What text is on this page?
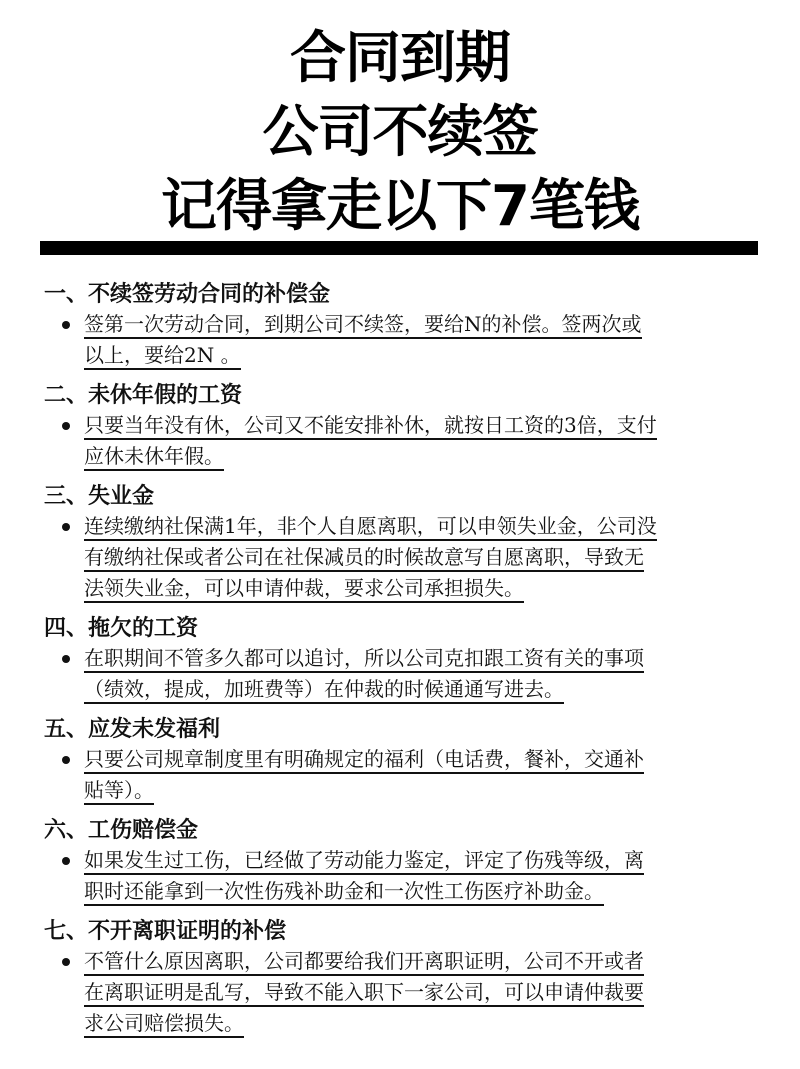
合同到期
公司不续签
记得拿走以下7笔钱
一、不续签劳动合同的补偿金
签第一次劳动合同，到期公司不续签，要给N的补偿。签两次或
以上，要给2N 。
二、未休年假的工资
只要当年没有休，公司又不能安排补休，就按日工资的3倍，支付
应休未休年假。
三、失业金
连续缴纳社保满1年，非个人自愿离职，可以申领失业金，公司没
有缴纳社保或者公司在社保减员的时候故意写自愿离职，导致无
法领失业金，可以申请仲裁，要求公司承担损失。
四、拖欠的工资
在职期间不管多久都可以追讨，所以公司克扣跟工资有关的事项
（绩效，提成，加班费等）在仲裁的时候通通写进去。
五、应发未发福利
只要公司规章制度里有明确规定的福利（电话费，餐补，交通补
贴等）。
六、工伤赔偿金
如果发生过工伤，已经做了劳动能力鉴定，评定了伤残等级，离
职时还能拿到一次性伤残补助金和一次性工伤医疗补助金。
七、不开离职证明的补偿
不管什么原因离职，公司都要给我们开离职证明，公司不开或者
在离职证明是乱写，导致不能入职下一家公司，可以申请仲裁要
求公司赔偿损失。
